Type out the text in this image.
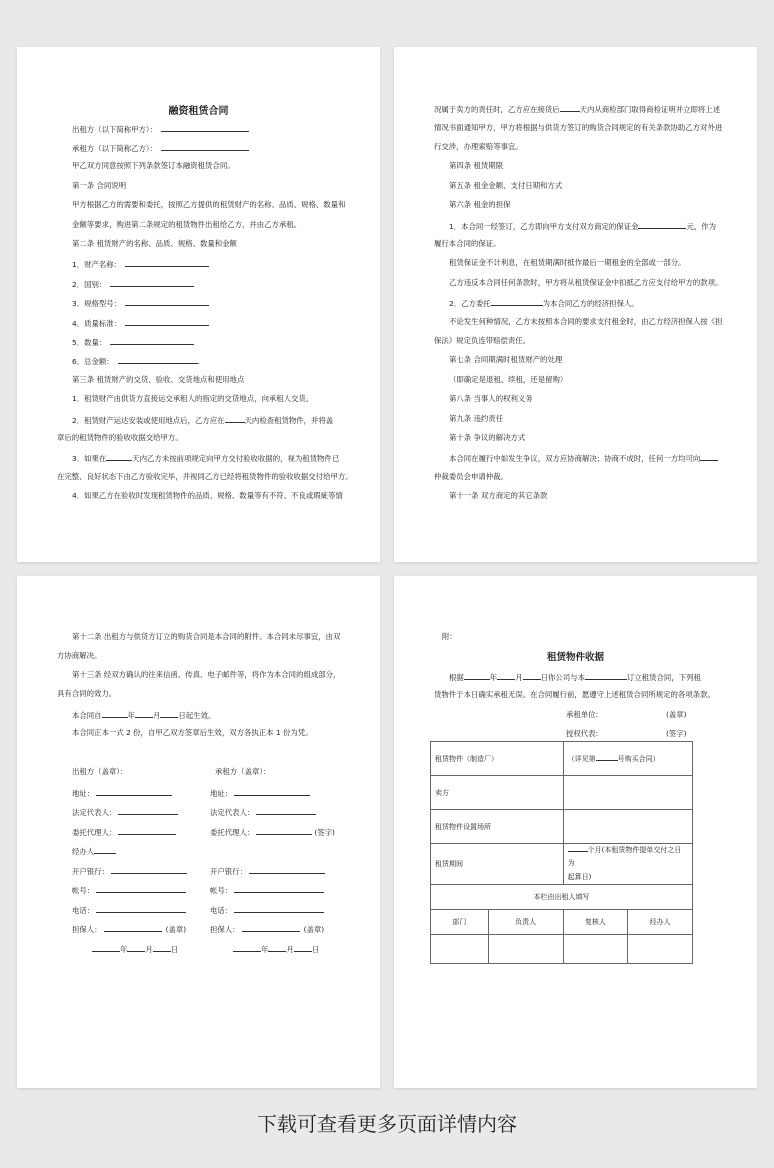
融资租赁合同
出租方（以下简称甲方）：
承租方（以下简称乙方）：
甲乙双方同意按照下列条款签订本融资租赁合同。
第一条 合同说明
甲方根据乙方的需要和委托，按照乙方提供的租赁财产的名称、品质、规格、数量和
金额等要求，购进第二条规定的租赁物件出租给乙方，并由乙方承租。
第二条 租赁财产的名称、品质、规格、数量和金额
1．财产名称：
2．国别：
3．规格型号：
4．质量标准：
5．数量：
6．总金额：	.
第三条 租赁财产的交货、验收、交货地点和使用地点
1．租赁财产由供货方直接运交承租人的指定的交货地点，向承租人交货。
2．租赁财产运达安装或使用地点后，乙方应在	天内检查租赁物件，并将盖
章后的租赁物件的验收收据交给甲方。
3．如果在	天内乙方未按前项规定向甲方交付验收收据的，视为租赁物件已
在完整、良好状态下由乙方验收完毕，并视同乙方已经将租赁物件的验收收据交付给甲方。
4．如果乙方在验收时发现租赁物件的品质、规格、数量等有不符、不良或瑕疵等情
况属于卖方的责任时，乙方应在接货后	天内从商检部门取得商检证明并立即将上述
情况书面通知甲方，甲方将根据与供货方签订的购货合同规定的有关条款协助乙方对外进
行交涉，办理索赔等事宜。
第四条 租赁期限
第五条 租金金额、支付日期和方式
第六条 租金的担保
1．本合同一经签订，乙方即向甲方支付双方商定的保证金	元，作为
履行本合同的保证。
租赁保证金不计利息，在租赁期满时抵作最后一期租金的全部或一部分。
乙方违反本合同任何条款时，甲方将从租赁保证金中扣抵乙方应支付给甲方的款项。
2．乙方委托	为本合同乙方的经济担保人。
不论发生何种情况，乙方未按照本合同的要求支付租金时，由乙方经济担保人按《担
保法》规定负连带赔偿责任。
第七条 合同期满时租赁财产的处理
（即确定是退租、续租，还是留购）
第八条 当事人的权利义务
第九条 违约责任
第十条 争议的解决方式
本合同在履行中如发生争议，双方应协商解决；协商不成时，任何一方均可向
仲裁委员会申请仲裁。
第十一条 双方商定的其它条款
第十二条 出租方与供货方订立的购货合同是本合同的附件。本合同未尽事宜，由双
方协商解决。
第十三条 经双方确认的往来信函、传真、电子邮件等，将作为本合同的组成部分，
具有合同的效力。
本合同自	年 月 日起生效。
本合同正本一式 2 份，自甲乙双方签章后生效，双方各执正本 1 份为凭。
出租方（盖章）：
地址：
法定代表人：
委托代理人：
经办人
开户银行：
帐号：
电话：
担保人：	(盖章)
年 月 日
承租方（盖章）：
地址：
法定代表人：
委托代理人：	(签字)
开户银行：
帐号：
电话：
担保人：	(盖章)
年 月 日
附：
租赁物件收据
根据	年 月 日你公司与本	订立租赁合同，下列租
赁物件于本日确实承租无误。在合同履行前，愿遵守上述租赁合同所规定的各项条款。
承租单位:	(盖章)
授权代表:	(签字)
租赁物件（制造厂）		（详见第 号购买合同）	
卖方			
租赁物件设置场所			
租赁期间		个月(本租赁物件提单交付之日为
起算日)	
本栏由出租人填写			
部门	负责人	复核人	经办人

下载可查看更多页面详情内容
